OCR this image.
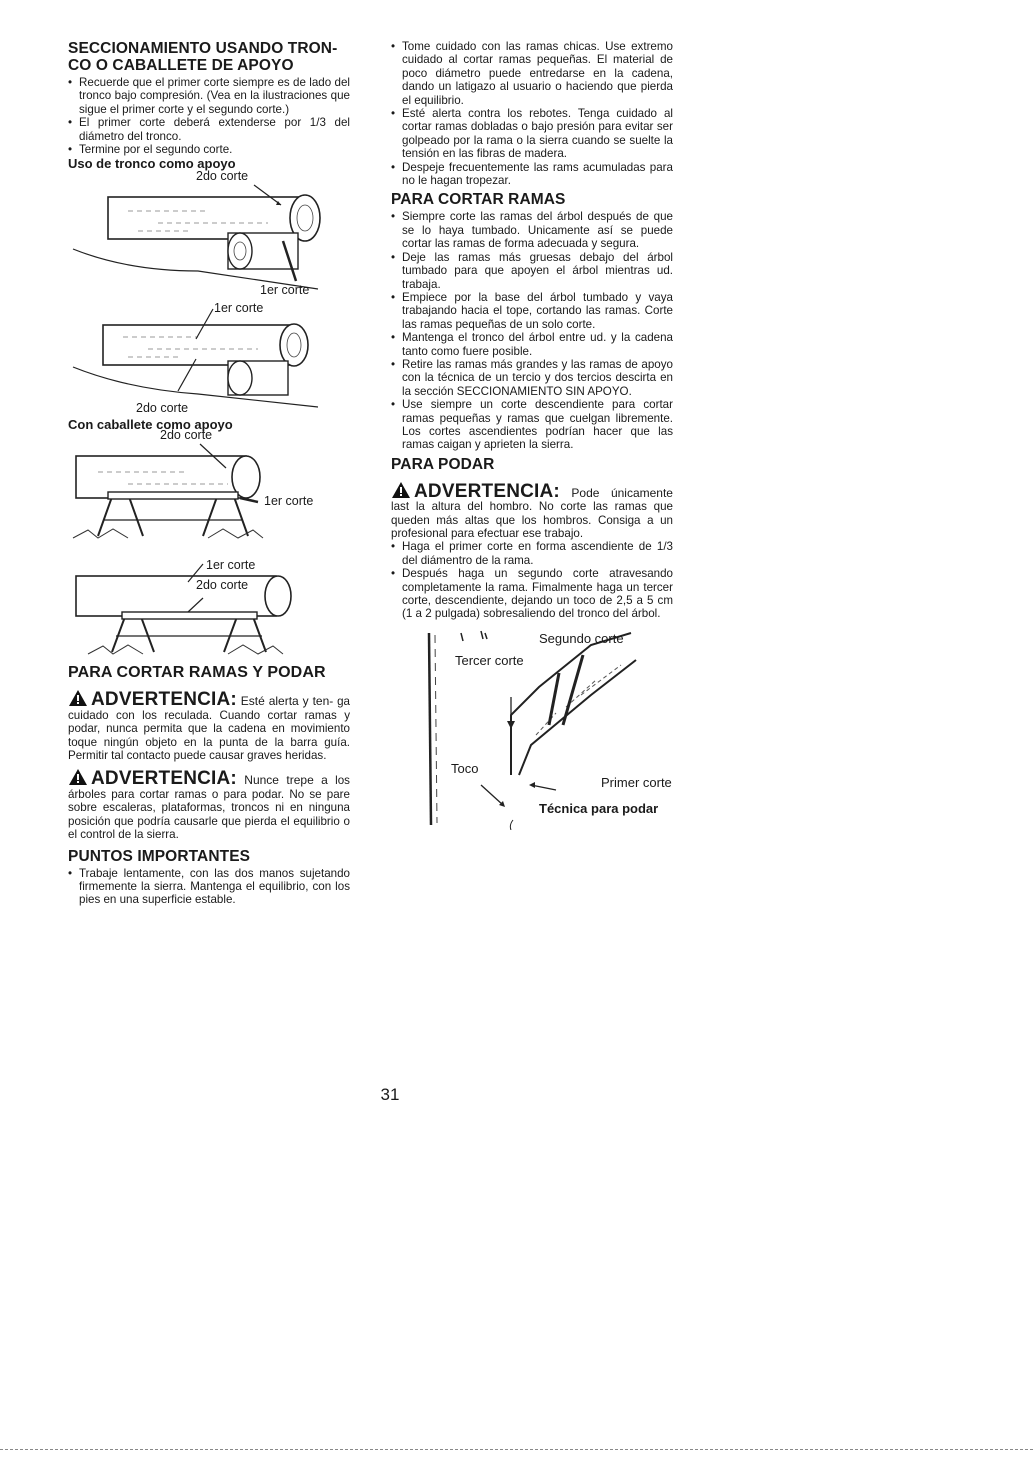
SECCIONAMIENTO USANDO TRON-CO O CABALLETE DE APOYO
• Recuerde que el primer corte siempre es de lado del tronco bajo compresión. (Vea en la ilustraciones que sigue el primer corte y el segundo corte.)
• El primer corte deberá extenderse por 1/3 del diámetro del tronco.
• Termine por el segundo corte.
Uso de tronco como apoyo
2do corte
1er corte
1er corte
2do corte
Con caballete como apoyo
2do corte
1er corte
1er corte
2do corte
PARA CORTAR RAMAS Y PODAR

ADVERTENCIA: Esté alerta y ten- ga cuidado con los reculada. Cuando cortar ramas y podar, nunca permita que la cadena en movimiento toque ningún objeto en la punta de la barra guía. Permitir tal contacto puede causar graves heridas.

ADVERTENCIA: Nunce trepe a los árboles para cortar ramas o para podar. No se pare sobre escaleras, plataformas, troncos ni en ninguna posición que podría causarle que pierda el equilibrio o el control de la sierra.

PUNTOS IMPORTANTES
• Trabaje lentamente, con las dos manos sujetando firmemente la sierra. Mantenga el equilibrio, con los pies en una superficie estable.
• Tome cuidado con las ramas chicas. Use extremo cuidado al cortar ramas pequeñas. El material de poco diámetro puede entredarse en la cadena, dando un latigazo al usuario o haciendo que pierda el equilibrio.
• Esté alerta contra los rebotes. Tenga cuidado al cortar ramas dobladas o bajo presión para evitar ser golpeado por la rama o la sierra cuando se suelte la tensión en las fibras de madera.
• Despeje frecuentemente las rams acumuladas para no le hagan tropezar.
PARA CORTAR RAMAS
• Siempre corte las ramas del árbol después de que se lo haya tumbado. Unicamente así se puede cortar las ramas de forma adecuada y segura.
• Deje las ramas más gruesas debajo del árbol tumbado para que apoyen el árbol mientras ud. trabaja.
• Empiece por la base del árbol tumbado y vaya trabajando hacia el tope, cortando las ramas. Corte las ramas pequeñas de un solo corte.
• Mantenga el tronco del árbol entre ud. y la cadena tanto como fuere posible.
• Retire las ramas más grandes y las ramas de apoyo con la técnica de un tercio y dos tercios descirta en la sección SECCIONAMIENTO SIN APOYO.
• Use siempre un corte descendiente para cortar ramas pequeñas y ramas que cuelgan libremente. Los cortes ascendientes podrían hacer que las ramas caigan y aprieten la sierra.
PARA PODAR

ADVERTENCIA: Pode únicamente last la altura del hombro. No corte las ramas que queden más altas que los hombros. Consiga a un profesional para efectuar ese trabajo.

• Haga el primer corte en forma ascendiente de 1/3 del diámentro de la rama.
• Después haga un segundo corte atravesando completamente la rama. Fimalmente haga un tercer corte, descendiente, dejando un toco de 2,5 a 5 cm (1 a 2 pulgada) sobresaliendo del tronco del árbol.
Segundo corte
Tercer corte
Toco
Primer corte
Técnica para podar
31
